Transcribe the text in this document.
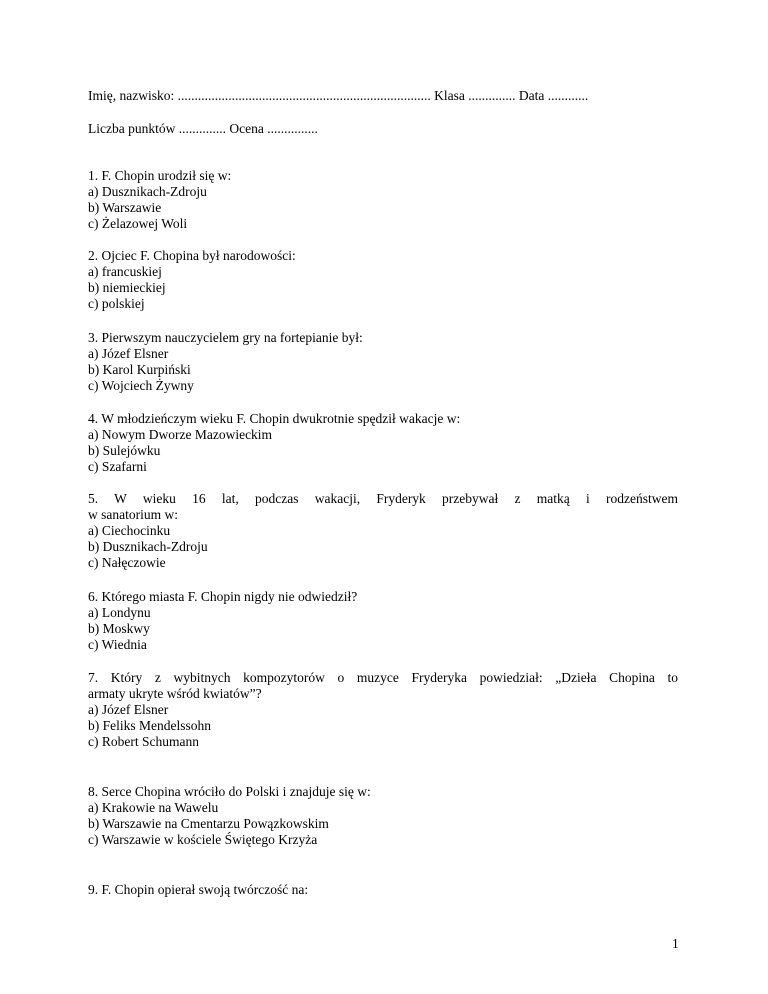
Imię, nazwisko: ........................................................................... Klasa .............. Data ............
Liczba punktów .............. Ocena ...............
1. F. Chopin urodził się w:
a) Dusznikach-Zdroju
b) Warszawie
c) Żelazowej Woli
2. Ojciec F. Chopina był narodowości:
a) francuskiej
b) niemieckiej
c) polskiej
3. Pierwszym nauczycielem gry na fortepianie był:
a) Józef Elsner
b) Karol Kurpiński
c) Wojciech Żywny
4. W młodzieńczym wieku F. Chopin dwukrotnie spędził wakacje w:
a) Nowym Dworze Mazowieckim
b) Sulejówku
c) Szafarni
5. W wieku 16 lat, podczas wakacji, Fryderyk przebywał z matką i rodzeństwem
w sanatorium w:
a) Ciechocinku
b) Dusznikach-Zdroju
c) Nałęczowie
6. Którego miasta F. Chopin nigdy nie odwiedził?
a) Londynu
b) Moskwy
c) Wiednia
7. Który z wybitnych kompozytorów o muzyce Fryderyka powiedział: „Dzieła Chopina to
armaty ukryte wśród kwiatów”?
a) Józef Elsner
b) Feliks Mendelssohn
c) Robert Schumann
8. Serce Chopina wróciło do Polski i znajduje się w:
a) Krakowie na Wawelu
b) Warszawie na Cmentarzu Powązkowskim
c) Warszawie w kościele Świętego Krzyża
9. F. Chopin opierał swoją twórczość na:
1
